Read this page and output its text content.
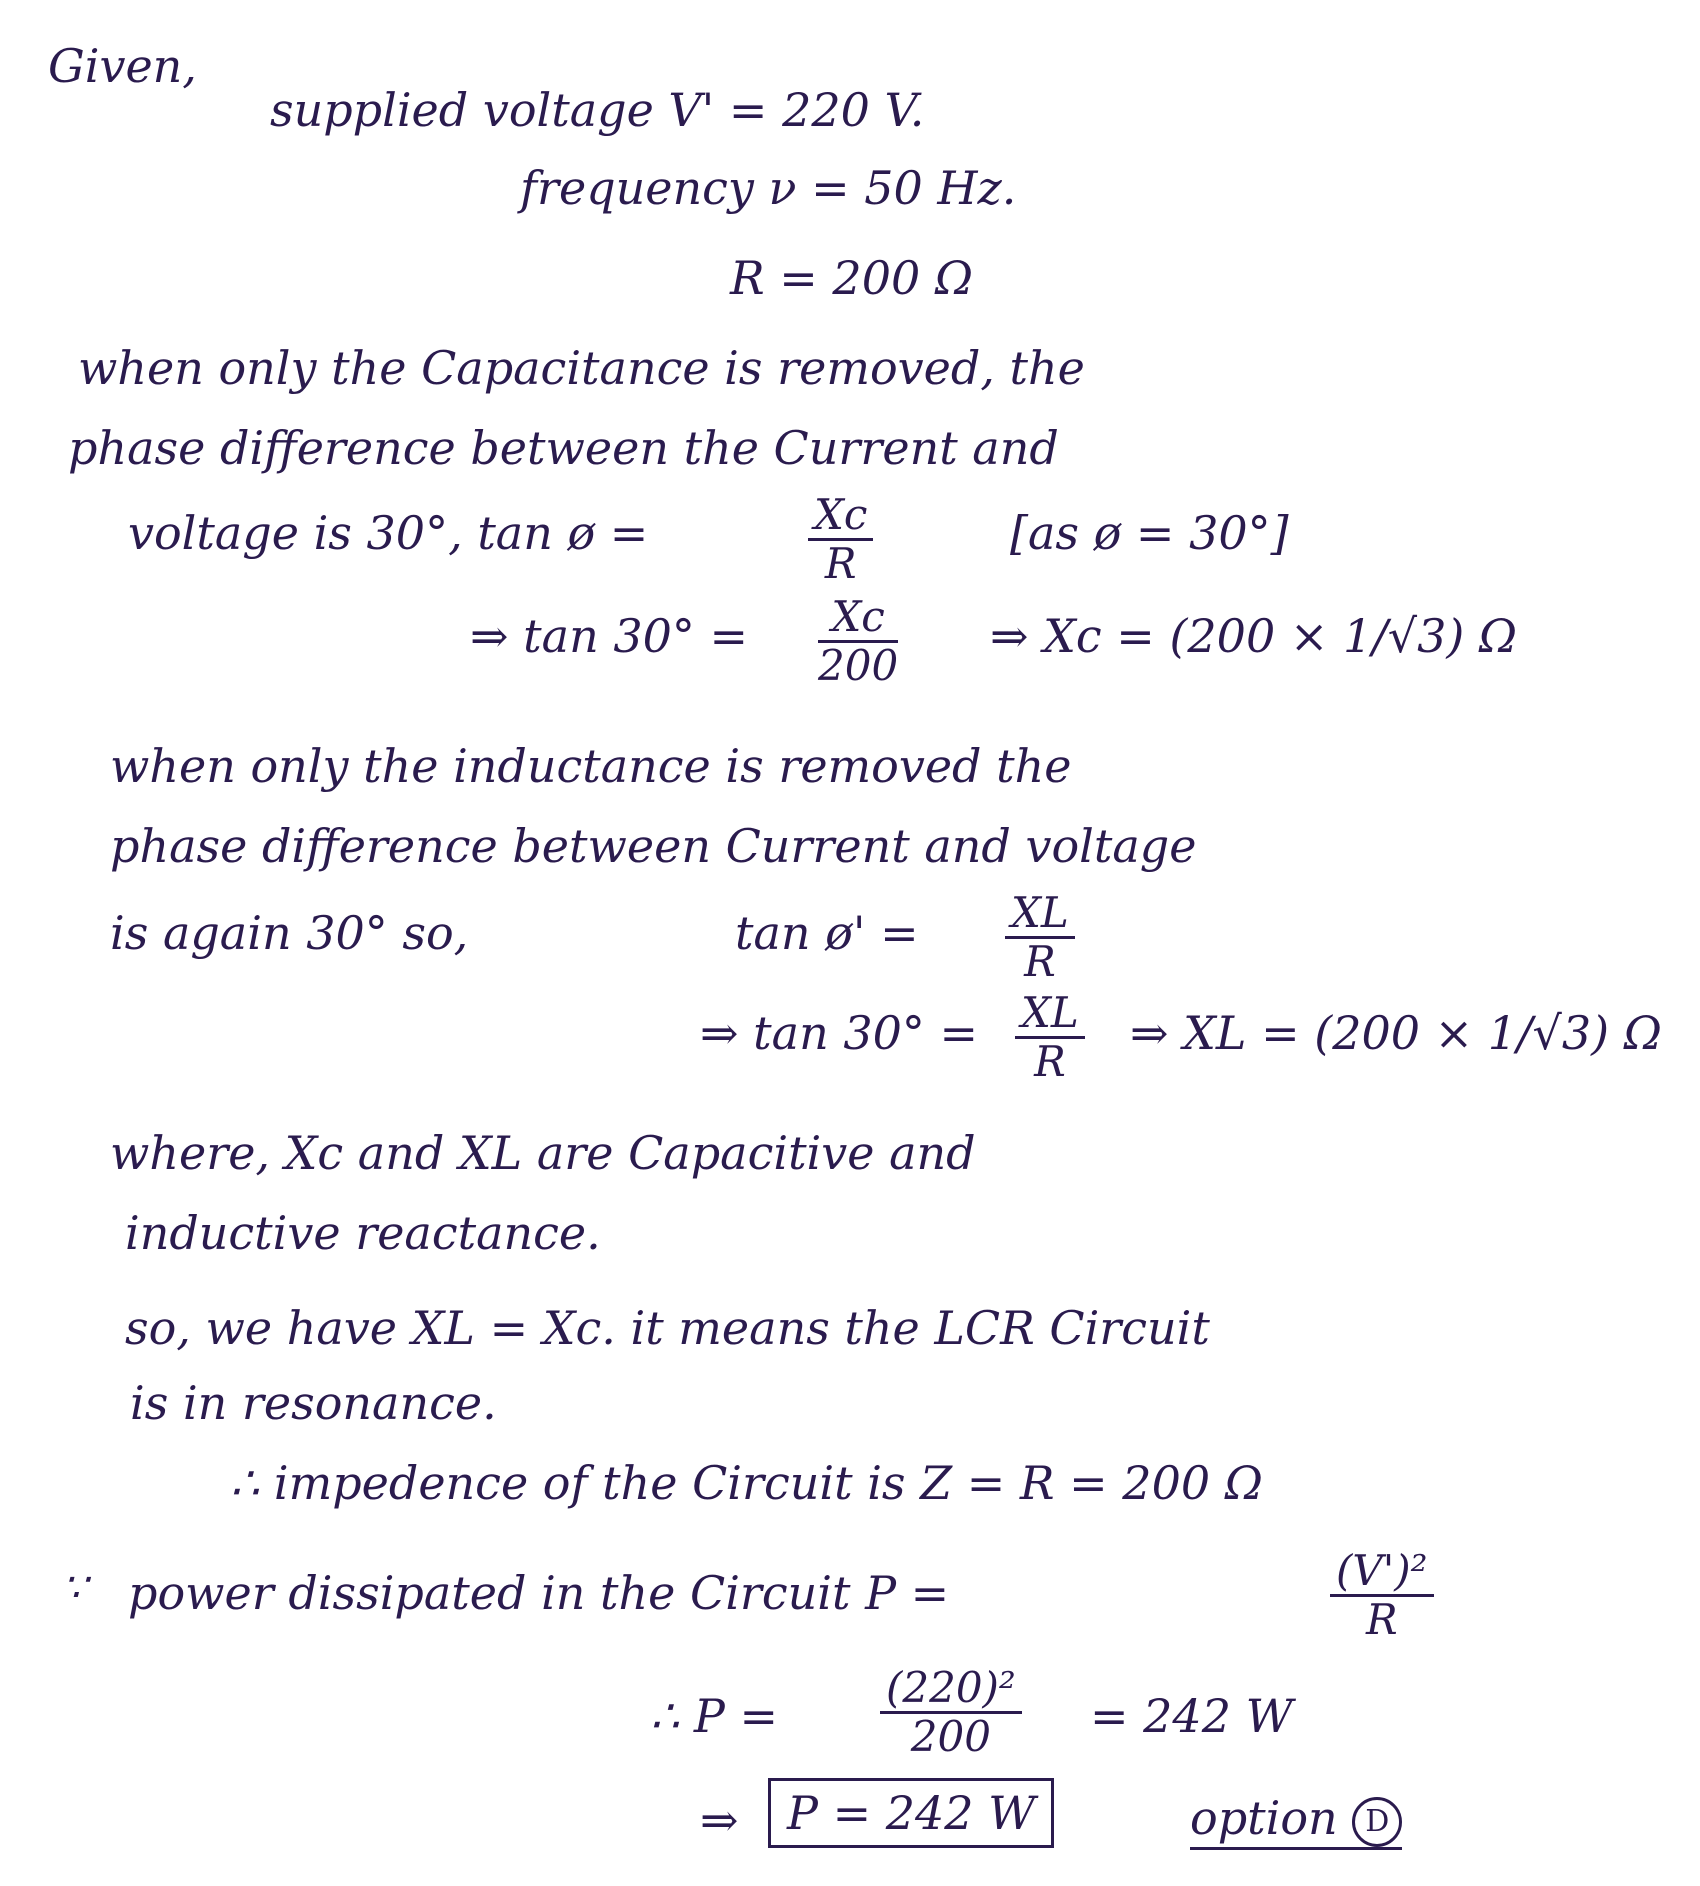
Given,
supplied voltage V' = 220 V.
frequency ν = 50 Hz.
R = 200 Ω
when only the Capacitance is removed, the
phase difference between the Current and
voltage is 30°, tan ø =	$\frac{Xc}{R}$	[as ø = 30°]
⇒ $\tan 30^\circ = \frac{Xc}{200}$ ⇒ Xc = (200 × 1/√3) Ω
when only the inductance is removed the
phase difference between Current and voltage
is again 30° so,	tan ø' = $\frac{XL}{R}$
⇒ $\tan 30^\circ = \frac{XL}{R}$ ⇒ XL = (200 × 1/√3) Ω
where, Xc and XL are Capacitive and
inductive reactance.
so, we have XL = Xc. it means the LCR Circuit
is in resonance.
∴ impedence of the Circuit is Z = R = 200 Ω
∵ power dissipated in the Circuit P =	$\frac{\text{(V')²}}{R}$
∴ $P = \frac{\text{(220)²}}{200} = 242$ W
⇒	P = 242 W	option D
